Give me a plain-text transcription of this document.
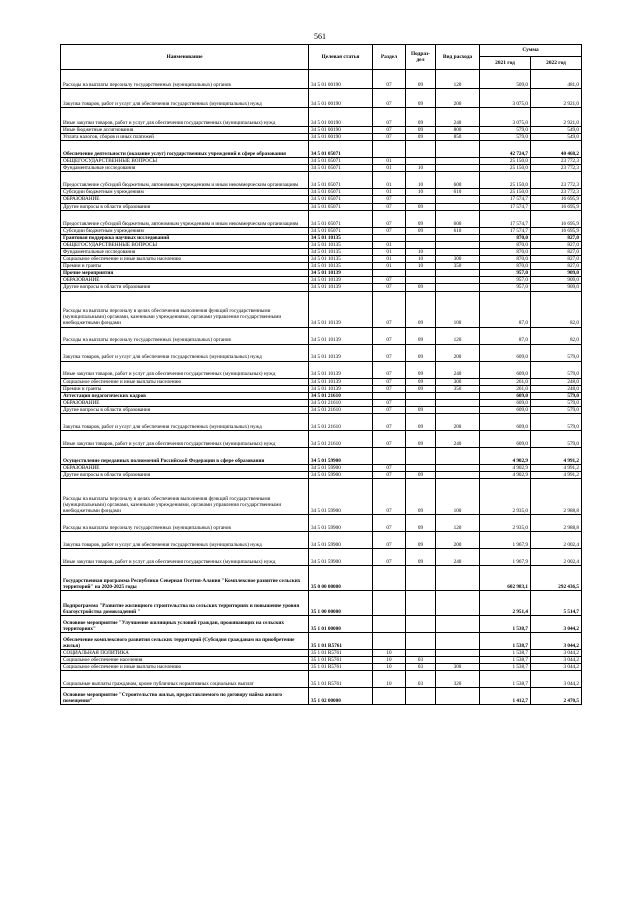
561
Наименование	Целевая статья	Раздел	Подраз-дел	Вид расхода	Сумма	
					2021 год	2022 год
Расходы на выплаты персоналу государственных (муниципальных) органов	34 5 01 00190	07	09	120	509,0	481,0
Закупка товаров, работ и услуг для обеспечения государственных (муниципальных) нужд	34 5 01 00190	07	09	200	3 075,0	2 921,0
Иные закупки товаров, работ и услуг для обеспечения государственных (муниципальных) нужд	34 5 01 00190	07	09	240	3 075,0	2 921,0
Иные бюджетные ассигнования	34 5 01 00190	07	09	800	579,0	549,0
Уплата налогов, сборов и иных платежей	34 5 01 00190	07	09	850	579,0	549,0
Обеспечение деятельности (оказание услуг) государственных учреждений в сфере образования	34 5 01 05071				42 724,7	40 468,2
ОБЩЕГОСУДАРСТВЕННЫЕ ВОПРОСЫ	34 5 01 05071	01			25 150,0	23 772,3
Фундаментальные исследования	34 5 01 05071	01	10		25 150,0	23 772,3
Предоставление субсидий бюджетным, автономным учреждениям и иным некоммерческим организациям	34 5 01 05071	01	10	600	25 150,0	23 772,3
Субсидии бюджетным учреждениям	34 5 01 05071	01	10	610	25 150,0	23 772,3
ОБРАЗОВАНИЕ	34 5 01 05071	07			17 574,7	16 695,9
Другие вопросы в области образования	34 5 01 05071	07	09		17 574,7	16 695,9
Предоставление субсидий бюджетным, автономным учреждениям и иным некоммерческим организациям	34 5 01 05071	07	09	600	17 574,7	16 695,9
Субсидии бюджетным учреждениям	34 5 01 05071	07	09	610	17 574,7	16 695,9
Грантовая поддержка научных исследований	34 5 01 10135				870,0	827,0
ОБЩЕГОСУДАРСТВЕННЫЕ ВОПРОСЫ	34 5 01 10135	01			870,0	827,0
Фундаментальные исследования	34 5 01 10135	01	10		870,0	827,0
Социальное обеспечение и иные выплаты населению	34 5 01 10135	01	10	300	870,0	827,0
Премии и гранты	34 5 01 10135	01	10	350	870,0	827,0
Прочие мероприятия	34 5 01 10139				957,0	909,0
ОБРАЗОВАНИЕ	34 5 01 10139	07			957,0	909,0
Другие вопросы в области образования	34 5 01 10139	07	09		957,0	909,0
Расходы на выплаты персоналу в целях обеспечения выполнения функций государственными (муниципальными) органами, казенными учреждениями, органами управления государственными внебюджетными фондами	34 5 01 10139	07	09	100	87,0	82,0
Расходы на выплаты персоналу государственных (муниципальных) органов	34 5 01 10139	07	09	120	87,0	82,0
Закупка товаров, работ и услуг для обеспечения государственных (муниципальных) нужд	34 5 01 10139	07	09	200	609,0	579,0
Иные закупки товаров, работ и услуг для обеспечения государственных (муниципальных) нужд	34 5 01 10139	07	09	240	609,0	579,0
Социальное обеспечение и иные выплаты населению	34 5 01 10139	07	09	300	261,0	248,0
Премии и гранты	34 5 01 10139	07	09	350	261,0	248,0
Аттестация педагогических кадров	34 5 01 21610				609,0	579,0
ОБРАЗОВАНИЕ	34 5 01 21610	07			609,0	579,0
Другие вопросы в области образования	34 5 01 21610	07	09		609,0	579,0
Закупка товаров, работ и услуг для обеспечения государственных (муниципальных) нужд	34 5 01 21610	07	09	200	609,0	579,0
Иные закупки товаров, работ и услуг для обеспечения государственных (муниципальных) нужд	34 5 01 21610	07	09	240	609,0	579,0
Осуществление переданных полномочий Российской Федерации в сфере образования	34 5 01 59900				4 902,9	4 991,2
ОБРАЗОВАНИЕ	34 5 01 59900	07			4 902,9	4 991,2
Другие вопросы в области образования	34 5 01 59900	07	09		4 902,9	4 991,2
Расходы на выплаты персоналу в целях обеспечения выполнения функций государственными (муниципальными) органами, казенными учреждениями, органами управления государственными внебюджетными фондами	34 5 01 59900	07	09	100	2 935,0	2 988,8
Расходы на выплаты персоналу государственных (муниципальных) органов	34 5 01 59900	07	09	120	2 935,0	2 988,8
Закупка товаров, работ и услуг для обеспечения государственных (муниципальных) нужд	34 5 01 59900	07	09	200	1 967,9	2 002,4
Иные закупки товаров, работ и услуг для обеспечения государственных (муниципальных) нужд	34 5 01 59900	07	09	240	1 967,9	2 002,4
Государственная программа Республики Северная Осетия-Алания "Комплексное развитие сельских территорий" на 2020-2025 годы	35 0 00 00000				602 983,1	292 436,5
Подпрограмма "Развитие жилищного строительства на сельских территориях и повышение уровня благоустройства домовладений "	35 1 00 00000				2 951,4	5 514,7
Основное мероприятие "Улучшение жилищных условий граждан, проживающих на сельских территориях"	35 1 01 00000				1 538,7	3 044,2
Обеспечение комплексного развития сельских территорий (Субсидия гражданам на приобретение жилья)	35 1 01 R5761				1 538,7	3 044,2
СОЦИАЛЬНАЯ ПОЛИТИКА	35 1 01 R5761	10			1 538,7	3 044,2
Социальное обеспечение населения	35 1 01 R5761	10	03		1 538,7	3 044,2
Социальное обеспечение и иные выплаты населению	35 1 01 R5761	10	03	300	1 538,7	3 044,2
Социальные выплаты гражданам, кроме публичных нормативных социальных выплат	35 1 01 R5761	10	03	320	1 538,7	3 044,2
Основное мероприятие "Строительство жилья, предоставляемого по договору найма жилого помещения"	35 1 02 00000				1 412,7	2 470,5
